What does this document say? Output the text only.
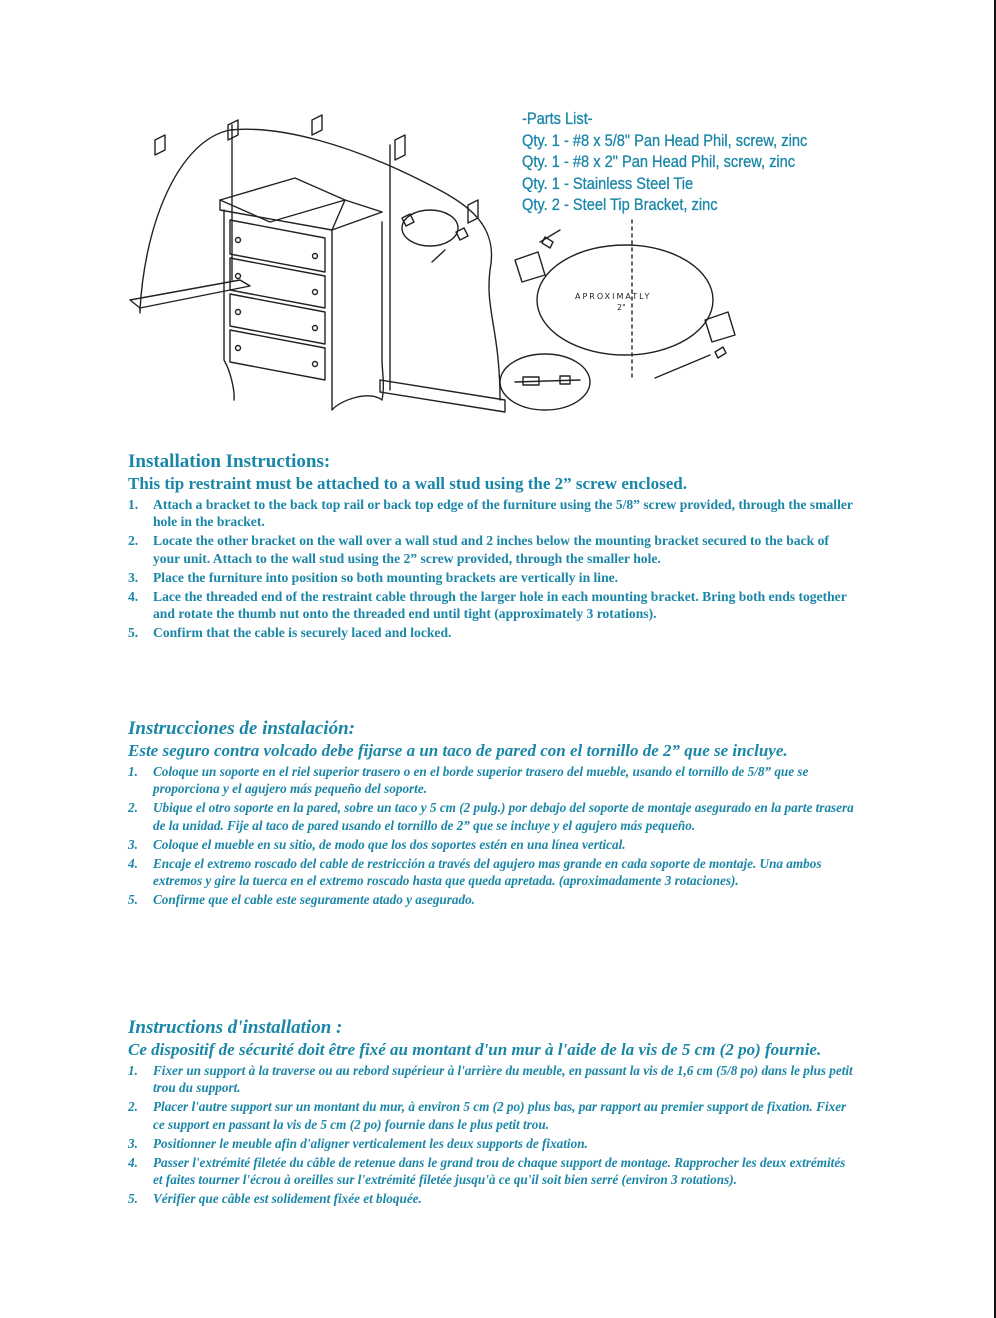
APROXIMATLY
2"
-Parts List-
Qty. 1 - #8 x 5/8" Pan Head Phil, screw, zinc
Qty. 1 - #8 x 2" Pan Head Phil, screw, zinc
Qty. 1 - Stainless Steel Tie
Qty. 2 - Steel Tip Bracket, zinc
Installation Instructions:
This tip restraint must be attached to a wall stud using the 2” screw enclosed.
1. Attach a bracket to the back top rail or back top edge of the furniture using the 5/8” screw provided, through the smaller hole in the bracket.
2. Locate the other bracket on the wall over a wall stud and 2 inches below the mounting bracket secured to the back of your unit. Attach to the wall stud using the 2” screw provided, through the smaller hole.
3. Place the furniture into position so both mounting brackets are vertically in line.
4. Lace the threaded end of the restraint cable through the larger hole in each mounting bracket. Bring both ends together and rotate the thumb nut onto the threaded end until tight (approximately 3 rotations).
5. Confirm that the cable is securely laced and locked.
Instrucciones de instalación:
Este seguro contra volcado debe fijarse a un taco de pared con el tornillo de 2” que se incluye.
1. Coloque un soporte en el riel superior trasero o en el borde superior trasero del mueble, usando el tornillo de 5/8” que se proporciona y el agujero más pequeño del soporte.
2. Ubique el otro soporte en la pared, sobre un taco y 5 cm (2 pulg.) por debajo del soporte de montaje asegurado en la parte trasera de la unidad. Fije al taco de pared usando el tornillo de 2” que se incluye y el agujero más pequeño.
3. Coloque el mueble en su sitio, de modo que los dos soportes estén en una línea vertical.
4. Encaje el extremo roscado del cable de restricción a través del agujero mas grande en cada soporte de montaje. Una ambos extremos y gire la tuerca en el extremo roscado hasta que queda apretada. (aproximadamente 3 rotaciones).
5. Confirme que el cable este seguramente atado y asegurado.
Instructions d'installation :
Ce dispositif de sécurité doit être fixé au montant d'un mur à l'aide de la vis de 5 cm (2 po) fournie.
1. Fixer un support à la traverse ou au rebord supérieur à l'arrière du meuble, en passant la vis de 1,6 cm (5/8 po) dans le plus petit trou du support.
2. Placer l'autre support sur un montant du mur, à environ 5 cm (2 po) plus bas, par rapport au premier support de fixation. Fixer ce support en passant la vis de 5 cm (2 po) fournie dans le plus petit trou.
3. Positionner le meuble afin d'aligner verticalement les deux supports de fixation.
4. Passer l'extrémité filetée du câble de retenue dans le grand trou de chaque support de montage. Rapprocher les deux extrémités et faites tourner l'écrou à oreilles sur l'extrémité filetée jusqu'à ce qu'il soit bien serré (environ 3 rotations).
5. Vérifier que câble est solidement fixée et bloquée.
